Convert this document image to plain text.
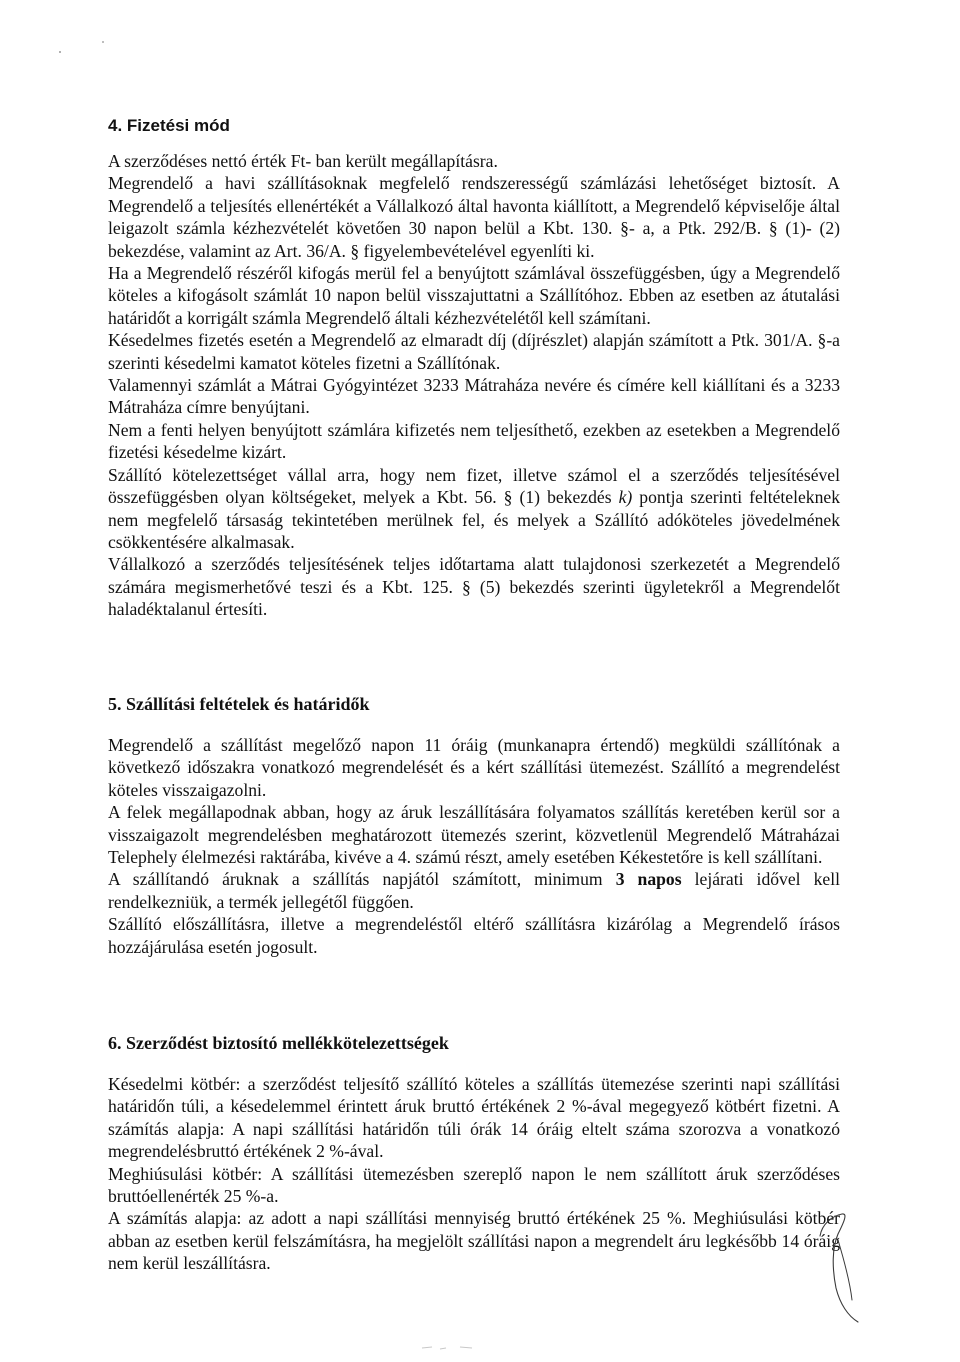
4. Fizetési mód

A szerződéses nettó érték Ft- ban került megállapításra.

Megrendelő a havi szállításoknak megfelelő rendszerességű számlázási lehetőséget biztosít. A Megrendelő a teljesítés ellenértékét a Vállalkozó által havonta kiállított, a Megrendelő képviselője által leigazolt számla kézhezvételét követően 30 napon belül a Kbt. 130. §- a, a Ptk. 292/B. § (1)- (2) bekezdése, valamint az Art. 36/A. § figyelembevételével egyenlíti ki.

Ha a Megrendelő részéről kifogás merül fel a benyújtott számlával összefüggésben, úgy a Megrendelő köteles a kifogásolt számlát 10 napon belül visszajuttatni a Szállítóhoz. Ebben az esetben az átutalási határidőt a korrigált számla Megrendelő általi kézhezvételétől kell számítani.

Késedelmes fizetés esetén a Megrendelő az elmaradt díj (díjrészlet) alapján számított a Ptk. 301/A. §-a szerinti késedelmi kamatot köteles fizetni a Szállítónak.

Valamennyi számlát a Mátrai Gyógyintézet 3233 Mátraháza nevére és címére kell kiállítani és a 3233 Mátraháza címre benyújtani.

Nem a fenti helyen benyújtott számlára kifizetés nem teljesíthető, ezekben az esetekben a Megrendelő fizetési késedelme kizárt.

Szállító kötelezettséget vállal arra, hogy nem fizet, illetve számol el a szerződés teljesítésével összefüggésben olyan költségeket, melyek a Kbt. 56. § (1) bekezdés k) pontja szerinti feltételeknek nem megfelelő társaság tekintetében merülnek fel, és melyek a Szállító adóköteles jövedelmének csökkentésére alkalmasak.

Vállalkozó a szerződés teljesítésének teljes időtartama alatt tulajdonosi szerkezetét a Megrendelő számára megismerhetővé teszi és a Kbt. 125. § (5) bekezdés szerinti ügyletekről a Megrendelőt haladéktalanul értesíti.

5. Szállítási feltételek és határidők

Megrendelő a szállítást megelőző napon 11 óráig (munkanapra értendő) megküldi szállítónak a következő időszakra vonatkozó megrendelését és a kért szállítási ütemezést. Szállító a megrendelést köteles visszaigazolni.

A felek megállapodnak abban, hogy az áruk leszállítására folyamatos szállítás keretében kerül sor a visszaigazolt megrendelésben meghatározott ütemezés szerint, közvetlenül Megrendelő Mátraházai Telephely élelmezési raktárába, kivéve a 4. számú részt, amely esetében Kékestetőre is kell szállítani.

A szállítandó áruknak a szállítás napjától számított, minimum 3 napos lejárati idővel kell rendelkezniük, a termék jellegétől függően.

Szállító előszállításra, illetve a megrendeléstől eltérő szállításra kizárólag a Megrendelő írásos hozzájárulása esetén jogosult.

6. Szerződést biztosító mellékkötelezettségek

Késedelmi kötbér: a szerződést teljesítő szállító köteles a szállítás ütemezése szerinti napi szállítási határidőn túli, a késedelemmel érintett áruk bruttó értékének 2 %-ával megegyező kötbért fizetni. A számítás alapja: A napi szállítási határidőn túli órák 14 óráig eltelt száma szorozva a vonatkozó megrendelésbruttó értékének 2 %-ával.

Meghiúsulási kötbér: A szállítási ütemezésben szereplő napon le nem szállított áruk szerződéses bruttóellenérték 25 %-a.

A számítás alapja: az adott a napi szállítási mennyiség bruttó értékének 25 %. Meghiúsulási kötbér abban az esetben kerül felszámításra, ha megjelölt szállítási napon a megrendelt áru legkésőbb 14 óráig nem kerül leszállításra.
